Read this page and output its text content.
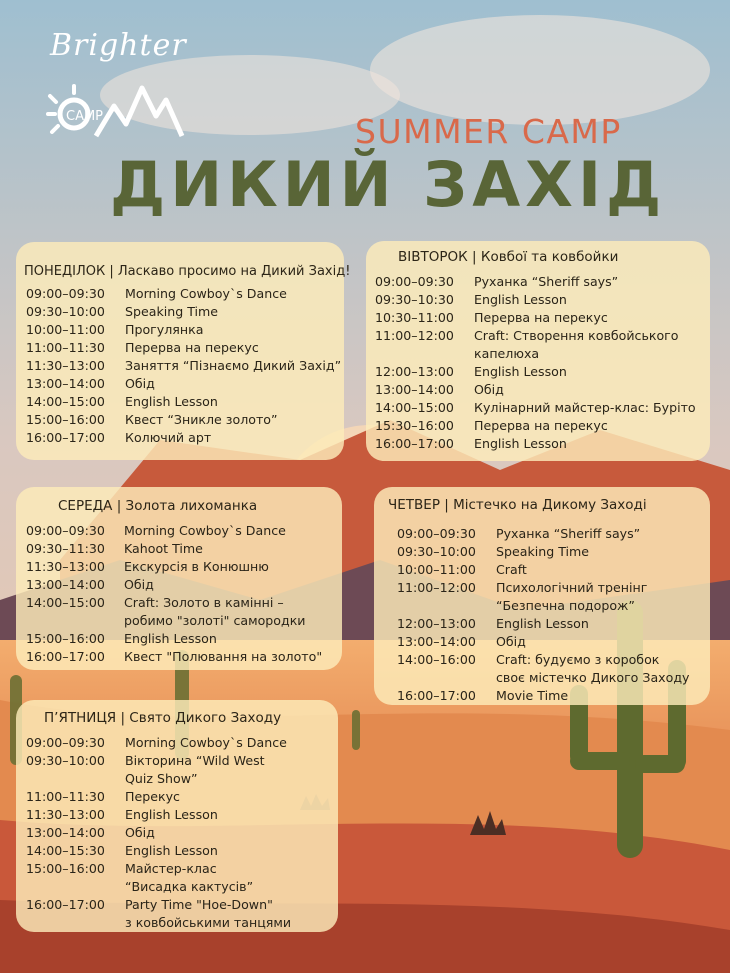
Brighter
CAMP	SUMMER CAMP
ДИКИЙ ЗАХІД
ПОНЕДІЛОК | Ласкаво просимо на Дикий Захід!
09:00–09:30	Morning Cowboy`s Dance
09:30–10:00	Speaking Time
10:00–11:00	Прогулянка
11:00–11:30	Перерва на перекус
11:30–13:00	Заняття “Пізнаємо Дикий Захід”
13:00–14:00	Обід
14:00–15:00	English Lesson
15:00–16:00	Квест “Зникле золото”
16:00–17:00	Колючий арт
ВІВТОРОК | Ковбої та ковбойки
09:00–09:30	Руханка “Sheriff says”
09:30–10:30	English Lesson
10:30–11:00	Перерва на перекус
11:00–12:00	Craft: Створення ковбойського
капелюха
12:00–13:00	English Lesson
13:00–14:00	Обід
14:00–15:00	Кулінарний майстер-клас: Буріто
15:30–16:00	Перерва на перекус
16:00–17:00	English Lesson
СЕРЕДА | Золота лихоманка
09:00–09:30	Morning Cowboy`s Dance
09:30–11:30	Kahoot Time
11:30–13:00	Екскурсія в Конюшню
13:00–14:00	Обід
14:00–15:00	Craft: Золото в камінні –
робимо "золоті" самородки
15:00–16:00	English Lesson
16:00–17:00	Квест "Полювання на золото"
ЧЕТВЕР | Містечко на Дикому Заході
09:00–09:30	Руханка “Sheriff says”
09:30–10:00	Speaking Time
10:00–11:00	Craft
11:00–12:00	Психологічний тренінг
“Безпечна подорож”
12:00–13:00	English Lesson
13:00–14:00	Обід
14:00–16:00	Craft: будуємо з коробок
своє містечко Дикого Заходу
16:00–17:00	Movie Time
П’ЯТНИЦЯ | Свято Дикого Заходу
09:00–09:30	Morning Cowboy`s Dance
09:30–10:00	Вікторина “Wild West
Quiz Show”
11:00–11:30	Перекус
11:30–13:00	English Lesson
13:00–14:00	Обід
14:00–15:30	English Lesson
15:00–16:00	Майстер-клас
“Висадка кактусів”
16:00–17:00	Party Time "Hoe-Down"
з ковбойськими танцями
